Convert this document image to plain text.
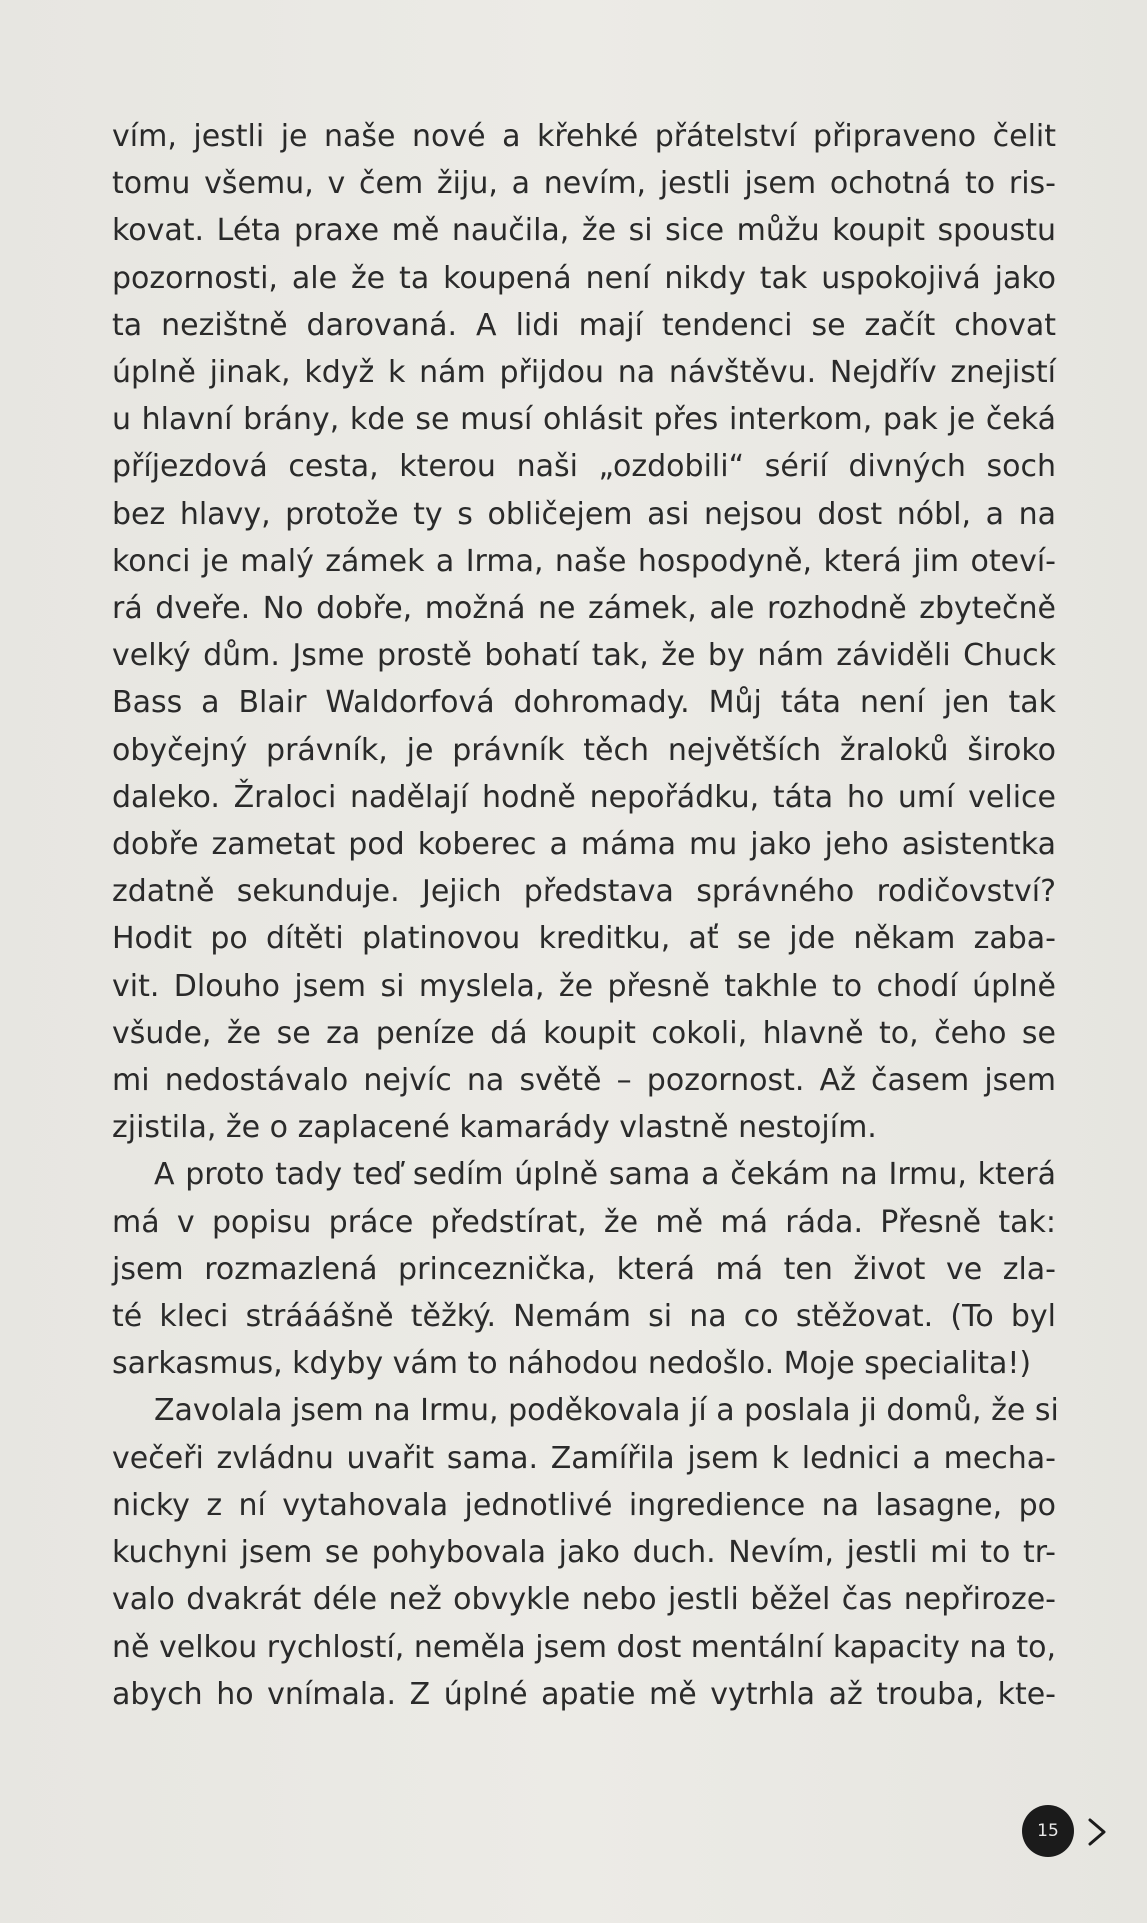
vím, jestli je naše nové a křehké přátelství připraveno čelit
tomu všemu, v čem žiju, a nevím, jestli jsem ochotná to ris-
kovat. Léta praxe mě naučila, že si sice můžu koupit spoustu
pozornosti, ale že ta koupená není nikdy tak uspokojivá jako
ta nezištně darovaná. A lidi mají tendenci se začít chovat
úplně jinak, když k nám přijdou na návštěvu. Nejdřív znejistí
u hlavní brány, kde se musí ohlásit přes interkom, pak je čeká
příjezdová cesta, kterou naši „ozdobili“ sérií divných soch
bez hlavy, protože ty s obličejem asi nejsou dost nóbl, a na
konci je malý zámek a Irma, naše hospodyně, která jim oteví-
rá dveře. No dobře, možná ne zámek, ale rozhodně zbytečně
velký dům. Jsme prostě bohatí tak, že by nám záviděli Chuck
Bass a Blair Waldorfová dohromady. Můj táta není jen tak
obyčejný právník, je právník těch největších žraloků široko
daleko. Žraloci nadělají hodně nepořádku, táta ho umí velice
dobře zametat pod koberec a máma mu jako jeho asistentka
zdatně sekunduje. Jejich představa správného rodičovství?
Hodit po dítěti platinovou kreditku, ať se jde někam zaba-
vit. Dlouho jsem si myslela, že přesně takhle to chodí úplně
všude, že se za peníze dá koupit cokoli, hlavně to, čeho se
mi nedostávalo nejvíc na světě – pozornost. Až časem jsem
zjistila, že o zaplacené kamarády vlastně nestojím.
A proto tady teď sedím úplně sama a čekám na Irmu, která
má v popisu práce předstírat, že mě má ráda. Přesně tak:
jsem rozmazlená princeznička, která má ten život ve zla-
té kleci strááášně těžký. Nemám si na co stěžovat. (To byl
sarkasmus, kdyby vám to náhodou nedošlo. Moje specialita!)
Zavolala jsem na Irmu, poděkovala jí a poslala ji domů, že si
večeři zvládnu uvařit sama. Zamířila jsem k lednici a mecha-
nicky z ní vytahovala jednotlivé ingredience na lasagne, po
kuchyni jsem se pohybovala jako duch. Nevím, jestli mi to tr-
valo dvakrát déle než obvykle nebo jestli běžel čas nepřiroze-
ně velkou rychlostí, neměla jsem dost mentální kapacity na to,
abych ho vnímala. Z úplné apatie mě vytrhla až trouba, kte-
15
